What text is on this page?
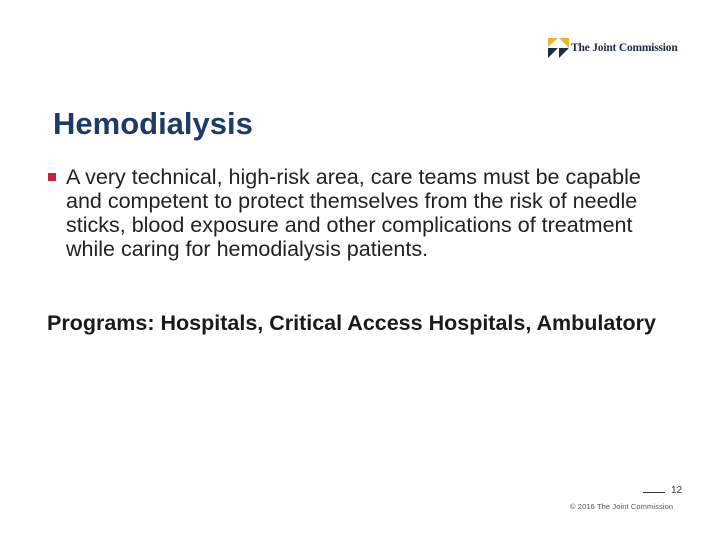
The Joint Commission
Hemodialysis
A very technical, high-risk area, care teams must be capable and competent to protect themselves from the risk of needle sticks, blood exposure and other complications of treatment while caring for hemodialysis patients.
Programs: Hospitals, Critical Access Hospitals, Ambulatory
12
© 2016 The Joint Commission
